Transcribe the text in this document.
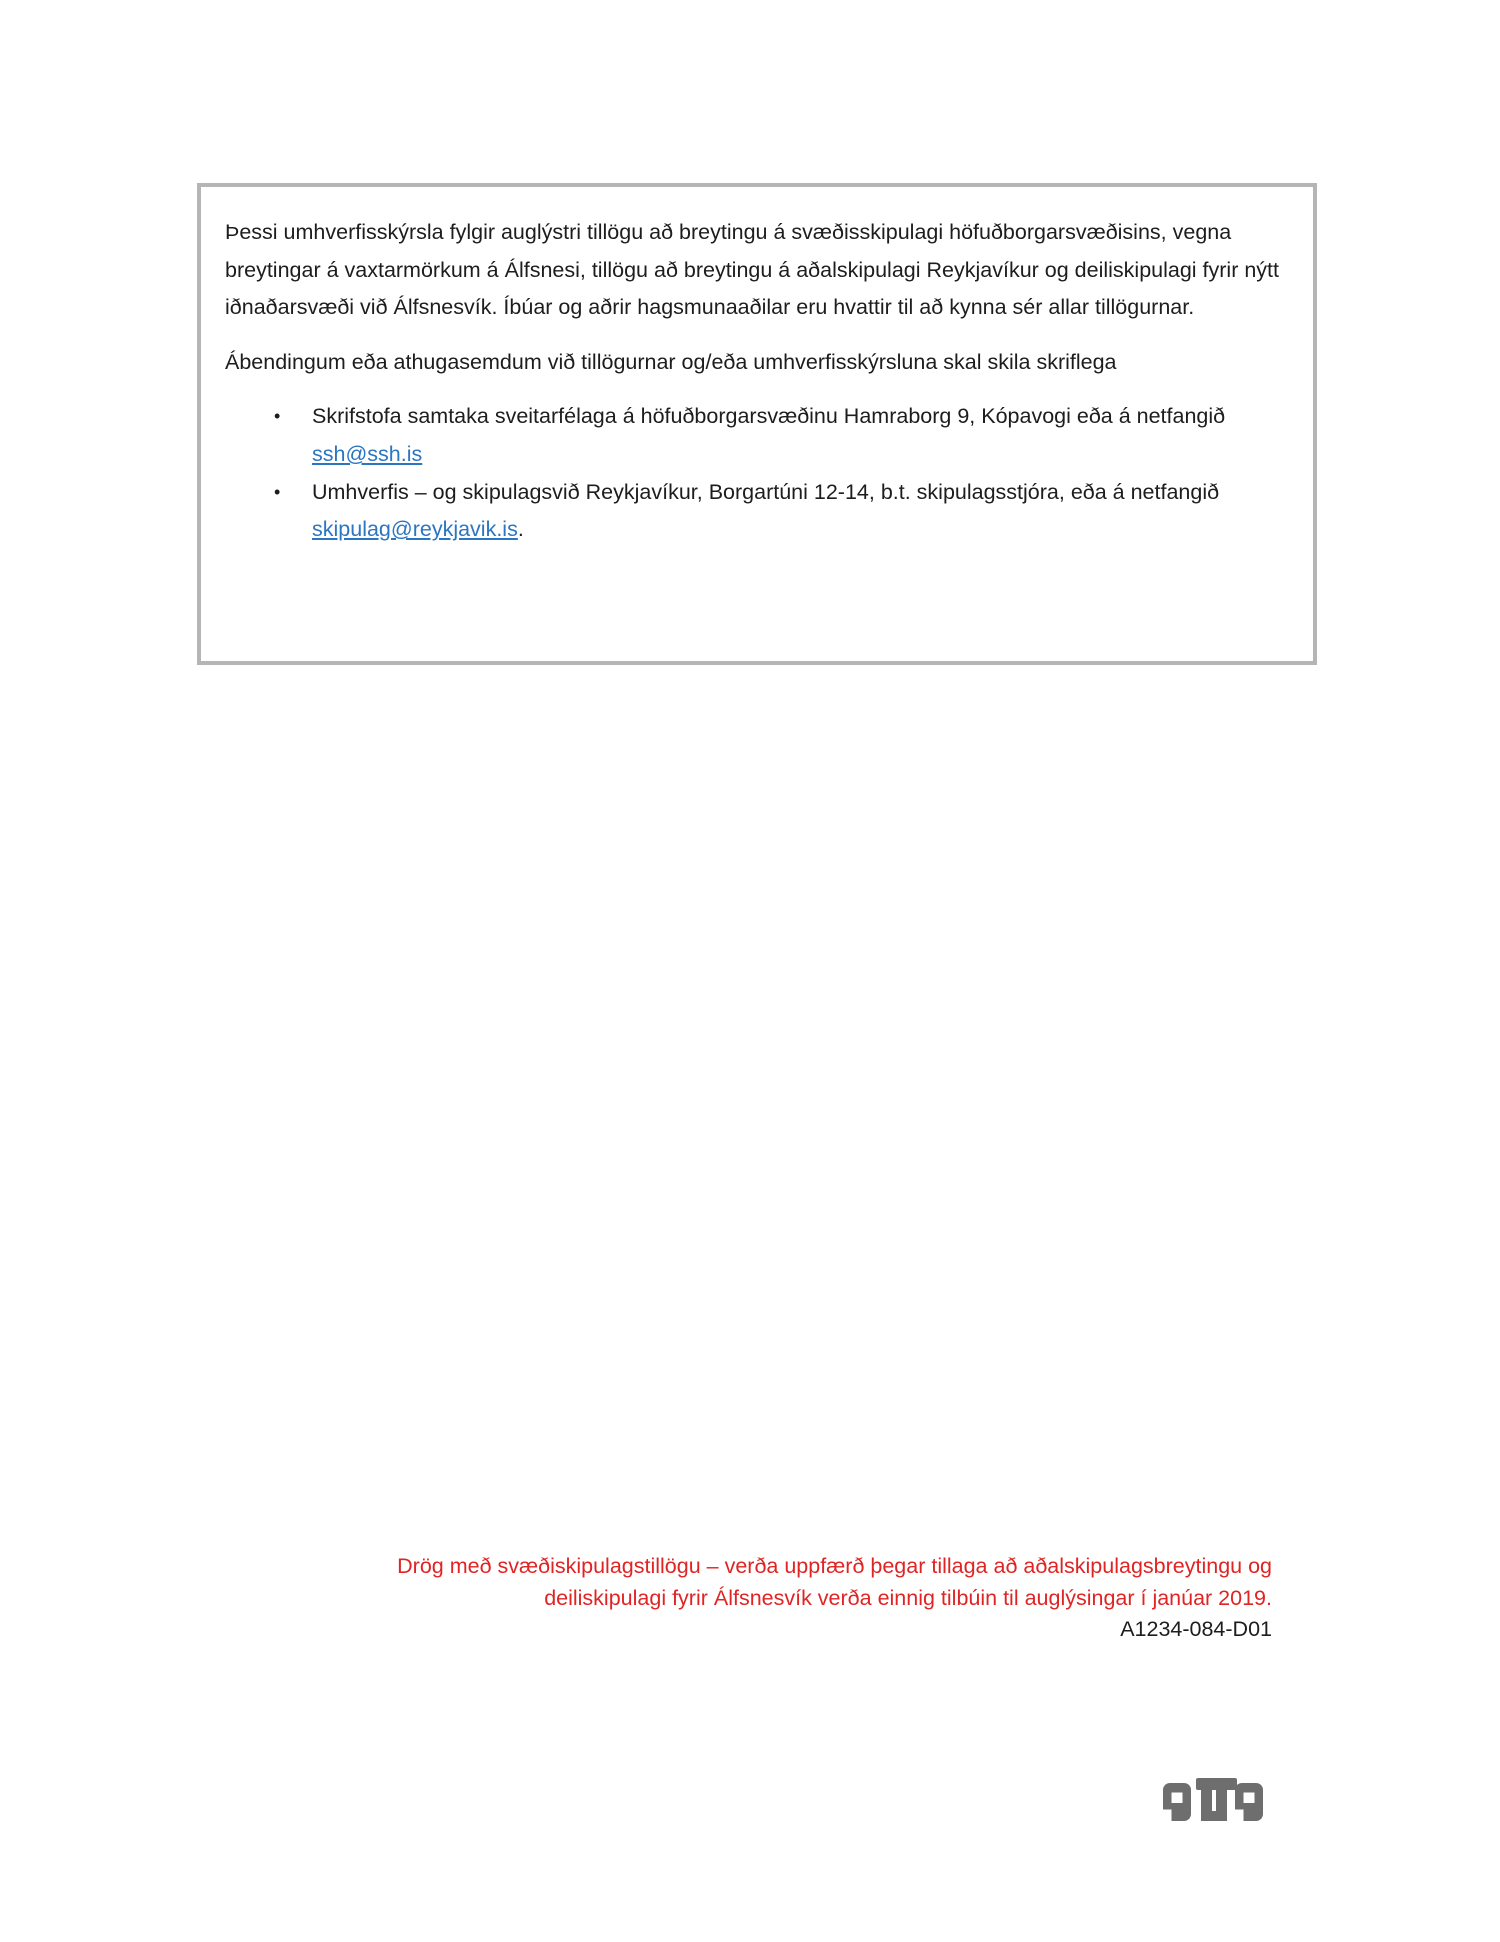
Þessi umhverfisskýrsla fylgir auglýstri tillögu að breytingu á svæðisskipulagi höfuðborgarsvæðisins, vegna breytingar á vaxtarmörkum á Álfsnesi, tillögu að breytingu á aðalskipulagi Reykjavíkur og deiliskipulagi fyrir nýtt iðnaðarsvæði við Álfsnesvík. Íbúar og aðrir hagsmunaaðilar eru hvattir til að kynna sér allar tillögurnar.

Ábendingum eða athugasemdum við tillögurnar og/eða umhverfisskýrsluna skal skila skriflega

•	Skrifstofa samtaka sveitarfélaga á höfuðborgarsvæðinu Hamraborg 9, Kópavogi eða á netfangið ssh@ssh.is
•	Umhverfis – og skipulagsvið Reykjavíkur, Borgartúni 12-14, b.t. skipulagsstjóra, eða á netfangið skipulag@reykjavik.is.
Drög með svæðiskipulagstillögu – verða uppfærð þegar tillaga að aðalskipulagsbreytingu og
deiliskipulagi fyrir Álfsnesvík verða einnig tilbúin til auglýsingar í janúar 2019.
A1234-084-D01
